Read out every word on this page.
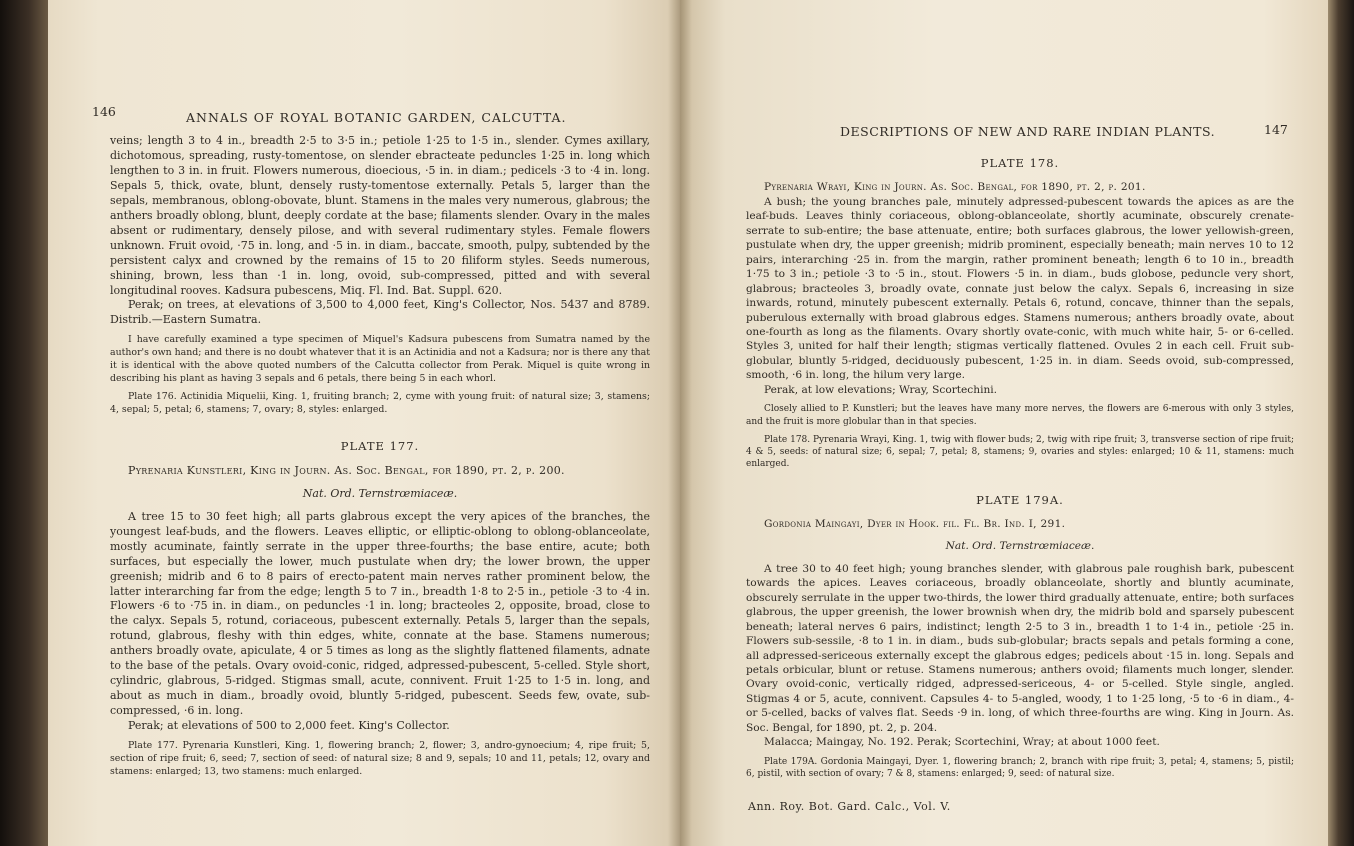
146	ANNALS OF ROYAL BOTANIC GARDEN, CALCUTTA.

veins; length 3 to 4 in., breadth 2·5 to 3·5 in.; petiole 1·25 to 1·5 in., slender. Cymes axillary, dichotomous, spreading, rusty-tomentose, on slender ebracteate peduncles 1·25 in. long which lengthen to 3 in. in fruit. Flowers numerous, dioecious, ·5 in. in diam.; pedicels ·3 to ·4 in. long. Sepals 5, thick, ovate, blunt, densely rusty-tomentose externally. Petals 5, larger than the sepals, membranous, oblong-obovate, blunt. Stamens in the males very numerous, glabrous; the anthers broadly oblong, blunt, deeply cordate at the base; filaments slender. Ovary in the males absent or rudimentary, densely pilose, and with several rudimentary styles. Female flowers unknown. Fruit ovoid, ·75 in. long, and ·5 in. in diam., baccate, smooth, pulpy, subtended by the persistent calyx and crowned by the remains of 15 to 20 filiform styles. Seeds numerous, shining, brown, less than ·1 in. long, ovoid, sub-compressed, pitted and with several longitudinal rooves. Kadsura pubescens, Miq. Fl. Ind. Bat. Suppl. 620.

Perak; on trees, at elevations of 3,500 to 4,000 feet, King's Collector, Nos. 5437 and 8789. Distrib.—Eastern Sumatra.

I have carefully examined a type specimen of Miquel's Kadsura pubescens from Sumatra named by the author's own hand; and there is no doubt whatever that it is an Actinidia and not a Kadsura; nor is there any that it is identical with the above quoted numbers of the Calcutta collector from Perak. Miquel is quite wrong in describing his plant as having 3 sepals and 6 petals, there being 5 in each whorl.

Plate 176. Actinidia Miquelii, King. 1, fruiting branch; 2, cyme with young fruit: of natural size; 3, stamens; 4, sepal; 5, petal; 6, stamens; 7, ovary; 8, styles: enlarged.

PLATE 177.

Pyrenaria Kunstleri, King in Journ. As. Soc. Bengal, for 1890, pt. 2, p. 200.

Nat. Ord. Ternstrœmiaceæ.

A tree 15 to 30 feet high; all parts glabrous except the very apices of the branches, the youngest leaf-buds, and the flowers. Leaves elliptic, or elliptic-oblong to oblong-oblanceolate, mostly acuminate, faintly serrate in the upper three-fourths; the base entire, acute; both surfaces, but especially the lower, much pustulate when dry; the lower brown, the upper greenish; midrib and 6 to 8 pairs of erecto-patent main nerves rather prominent below, the latter interarching far from the edge; length 5 to 7 in., breadth 1·8 to 2·5 in., petiole ·3 to ·4 in. Flowers ·6 to ·75 in. in diam., on peduncles ·1 in. long; bracteoles 2, opposite, broad, close to the calyx. Sepals 5, rotund, coriaceous, pubescent externally. Petals 5, larger than the sepals, rotund, glabrous, fleshy with thin edges, white, connate at the base. Stamens numerous; anthers broadly ovate, apiculate, 4 or 5 times as long as the slightly flattened filaments, adnate to the base of the petals. Ovary ovoid-conic, ridged, adpressed-pubescent, 5-celled. Style short, cylindric, glabrous, 5-ridged. Stigmas small, acute, connivent. Fruit 1·25 to 1·5 in. long, and about as much in diam., broadly ovoid, bluntly 5-ridged, pubescent. Seeds few, ovate, sub-compressed, ·6 in. long.

Perak; at elevations of 500 to 2,000 feet. King's Collector.

Plate 177. Pyrenaria Kunstleri, King. 1, flowering branch; 2, flower; 3, andro-gynoecium; 4, ripe fruit; 5, section of ripe fruit; 6, seed; 7, section of seed: of natural size; 8 and 9, sepals; 10 and 11, petals; 12, ovary and stamens: enlarged; 13, two stamens: much enlarged.

DESCRIPTIONS OF NEW AND RARE INDIAN PLANTS.	147

PLATE 178.

Pyrenaria Wrayi, King in Journ. As. Soc. Bengal, for 1890, pt. 2, p. 201.

A bush; the young branches pale, minutely adpressed-pubescent towards the apices as are the leaf-buds. Leaves thinly coriaceous, oblong-oblanceolate, shortly acuminate, obscurely crenate-serrate to sub-entire; the base attenuate, entire; both surfaces glabrous, the lower yellowish-green, pustulate when dry, the upper greenish; midrib prominent, especially beneath; main nerves 10 to 12 pairs, interarching ·25 in. from the margin, rather prominent beneath; length 6 to 10 in., breadth 1·75 to 3 in.; petiole ·3 to ·5 in., stout. Flowers ·5 in. in diam., buds globose, peduncle very short, glabrous; bracteoles 3, broadly ovate, connate just below the calyx. Sepals 6, increasing in size inwards, rotund, minutely pubescent externally. Petals 6, rotund, concave, thinner than the sepals, puberulous externally with broad glabrous edges. Stamens numerous; anthers broadly ovate, about one-fourth as long as the filaments. Ovary shortly ovate-conic, with much white hair, 5- or 6-celled. Styles 3, united for half their length; stigmas vertically flattened. Ovules 2 in each cell. Fruit sub-globular, bluntly 5-ridged, deciduously pubescent, 1·25 in. in diam. Seeds ovoid, sub-compressed, smooth, ·6 in. long, the hilum very large.

Perak, at low elevations; Wray, Scortechini.

Closely allied to P. Kunstleri; but the leaves have many more nerves, the flowers are 6-merous with only 3 styles, and the fruit is more globular than in that species.

Plate 178. Pyrenaria Wrayi, King. 1, twig with flower buds; 2, twig with ripe fruit; 3, transverse section of ripe fruit; 4 & 5, seeds: of natural size; 6, sepal; 7, petal; 8, stamens; 9, ovaries and styles: enlarged; 10 & 11, stamens: much enlarged.

PLATE 179A.

Gordonia Maingayi, Dyer in Hook. fil. Fl. Br. Ind. I, 291.

Nat. Ord. Ternstrœmiaceæ.

A tree 30 to 40 feet high; young branches slender, with glabrous pale roughish bark, pubescent towards the apices. Leaves coriaceous, broadly oblanceolate, shortly and bluntly acuminate, obscurely serrulate in the upper two-thirds, the lower third gradually attenuate, entire; both surfaces glabrous, the upper greenish, the lower brownish when dry, the midrib bold and sparsely pubescent beneath; lateral nerves 6 pairs, indistinct; length 2·5 to 3 in., breadth 1 to 1·4 in., petiole ·25 in. Flowers sub-sessile, ·8 to 1 in. in diam., buds sub-globular; bracts sepals and petals forming a cone, all adpressed-sericeous externally except the glabrous edges; pedicels about ·15 in. long. Sepals and petals orbicular, blunt or retuse. Stamens numerous; anthers ovoid; filaments much longer, slender. Ovary ovoid-conic, vertically ridged, adpressed-sericeous, 4- or 5-celled. Style single, angled. Stigmas 4 or 5, acute, connivent. Capsules 4- to 5-angled, woody, 1 to 1·25 long, ·5 to ·6 in diam., 4- or 5-celled, backs of valves flat. Seeds ·9 in. long, of which three-fourths are wing. King in Journ. As. Soc. Bengal, for 1890, pt. 2, p. 204.

Malacca; Maingay, No. 192. Perak; Scortechini, Wray; at about 1000 feet.

Plate 179A. Gordonia Maingayi, Dyer. 1, flowering branch; 2, branch with ripe fruit; 3, petal; 4, stamens; 5, pistil; 6, pistil, with section of ovary; 7 & 8, stamens: enlarged; 9, seed: of natural size.

Ann. Roy. Bot. Gard. Calc., Vol. V.
